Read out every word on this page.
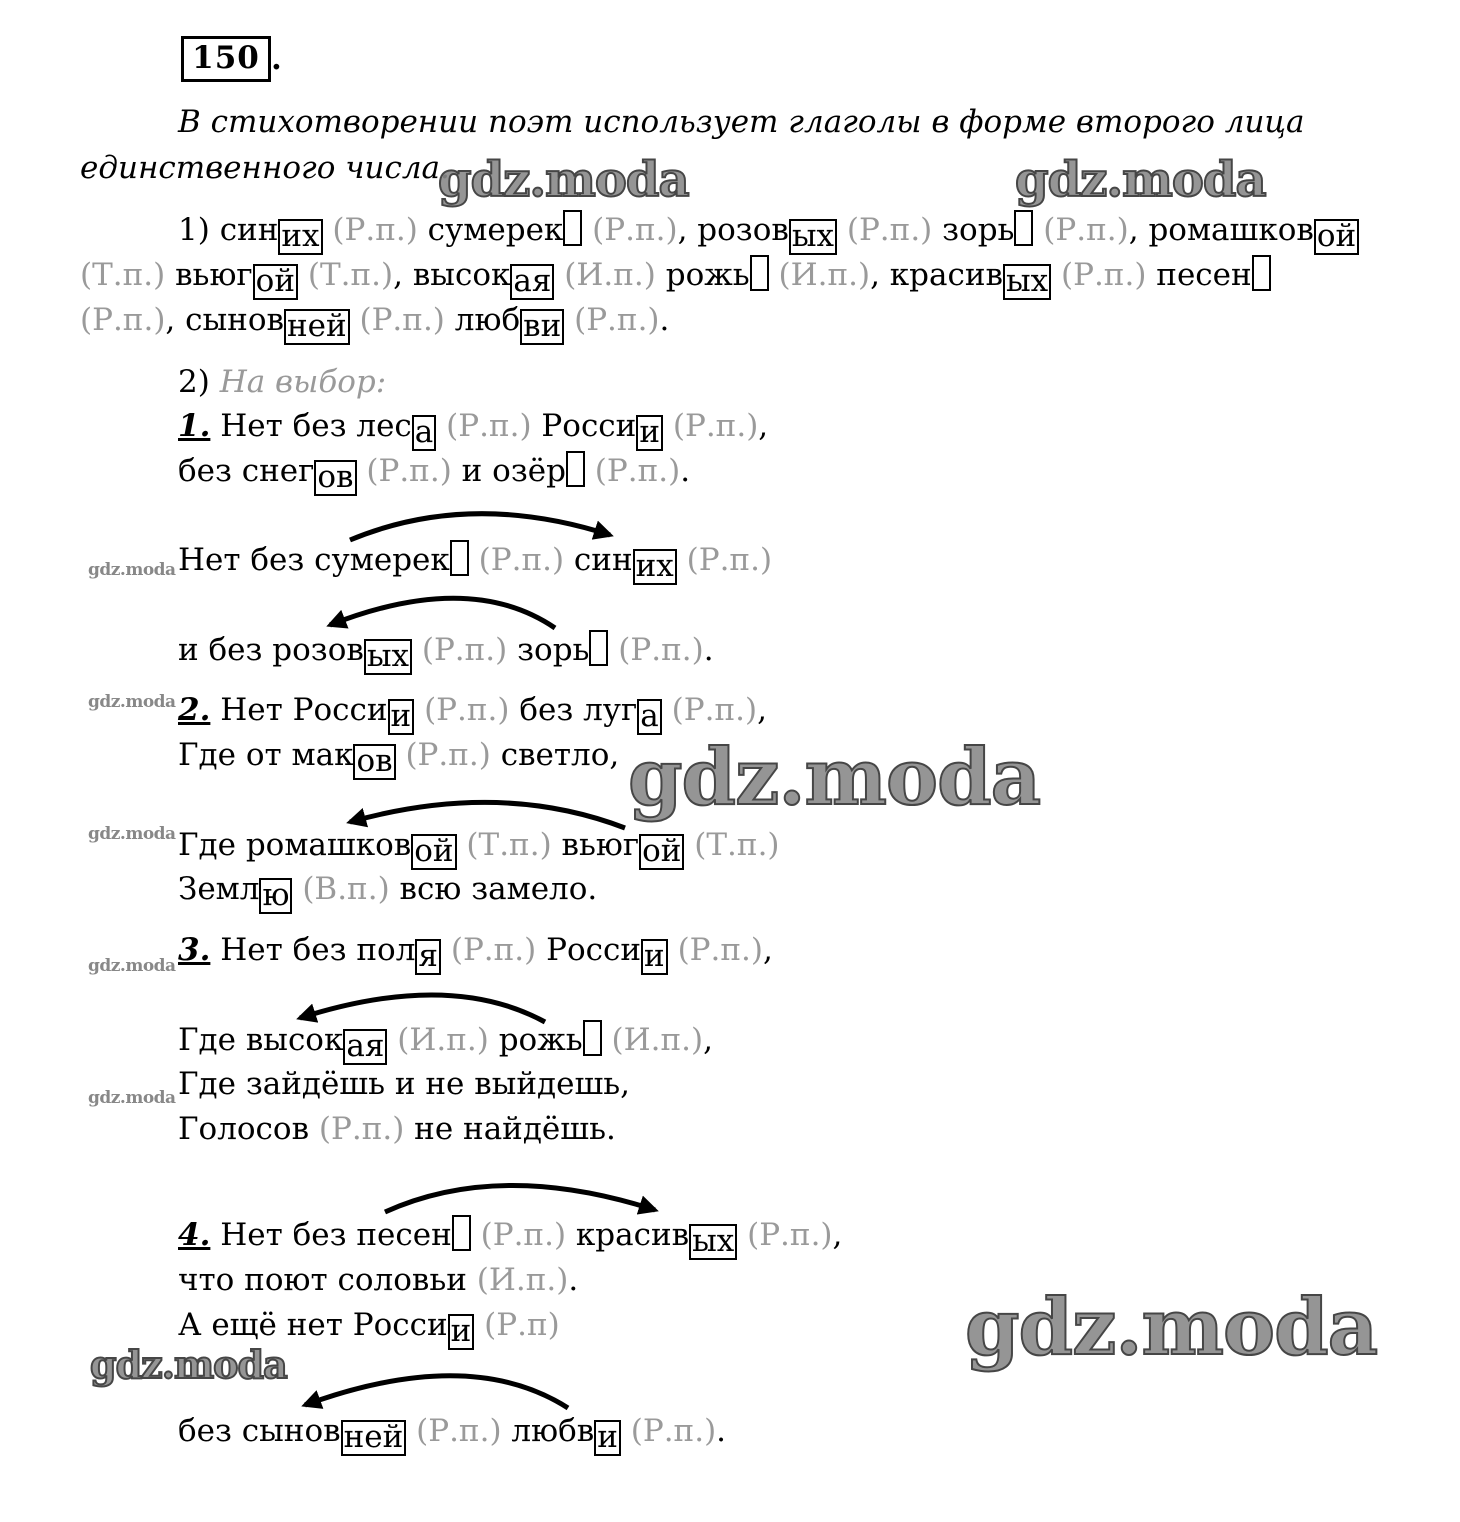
150 .
В стихотворении поэт использует глаголы в форме второго лица
единственного числа.
1) синих (Р.п.) сумерек (Р.п.), розовых (Р.п.) зорь (Р.п.), ромашковой
(Т.п.) вьюгой (Т.п.), высокая (И.п.) рожь (И.п.), красивых (Р.п.) песен
(Р.п.), сыновней (Р.п.) любви (Р.п.).
2) На выбор:
1. Нет без леса (Р.п.) России (Р.п.),
без снегов (Р.п.) и озёр (Р.п.).
Нет без сумерек (Р.п.) синих (Р.п.)
и без розовых (Р.п.) зорь (Р.п.).
2. Нет России (Р.п.) без луга (Р.п.),
Где от маков (Р.п.) светло,
Где ромашковой (Т.п.) вьюгой (Т.п.)
Землю (В.п.) всю замело.
3. Нет без поля (Р.п.) России (Р.п.),
Где высокая (И.п.) рожь (И.п.),
Где зайдёшь и не выйдешь,
Голосов (Р.п.) не найдёшь.
4. Нет без песен (Р.п.) красивых (Р.п.),
что поют соловьи (И.п.).
А ещё нет России (Р.п)
без сыновней (Р.п.) любви (Р.п.).
gdz.moda	gdz.moda
gdz.moda
gdz.moda
gdz.moda
gdz.moda
gdz.moda
gdz.moda
gdz.moda
gdz.moda
